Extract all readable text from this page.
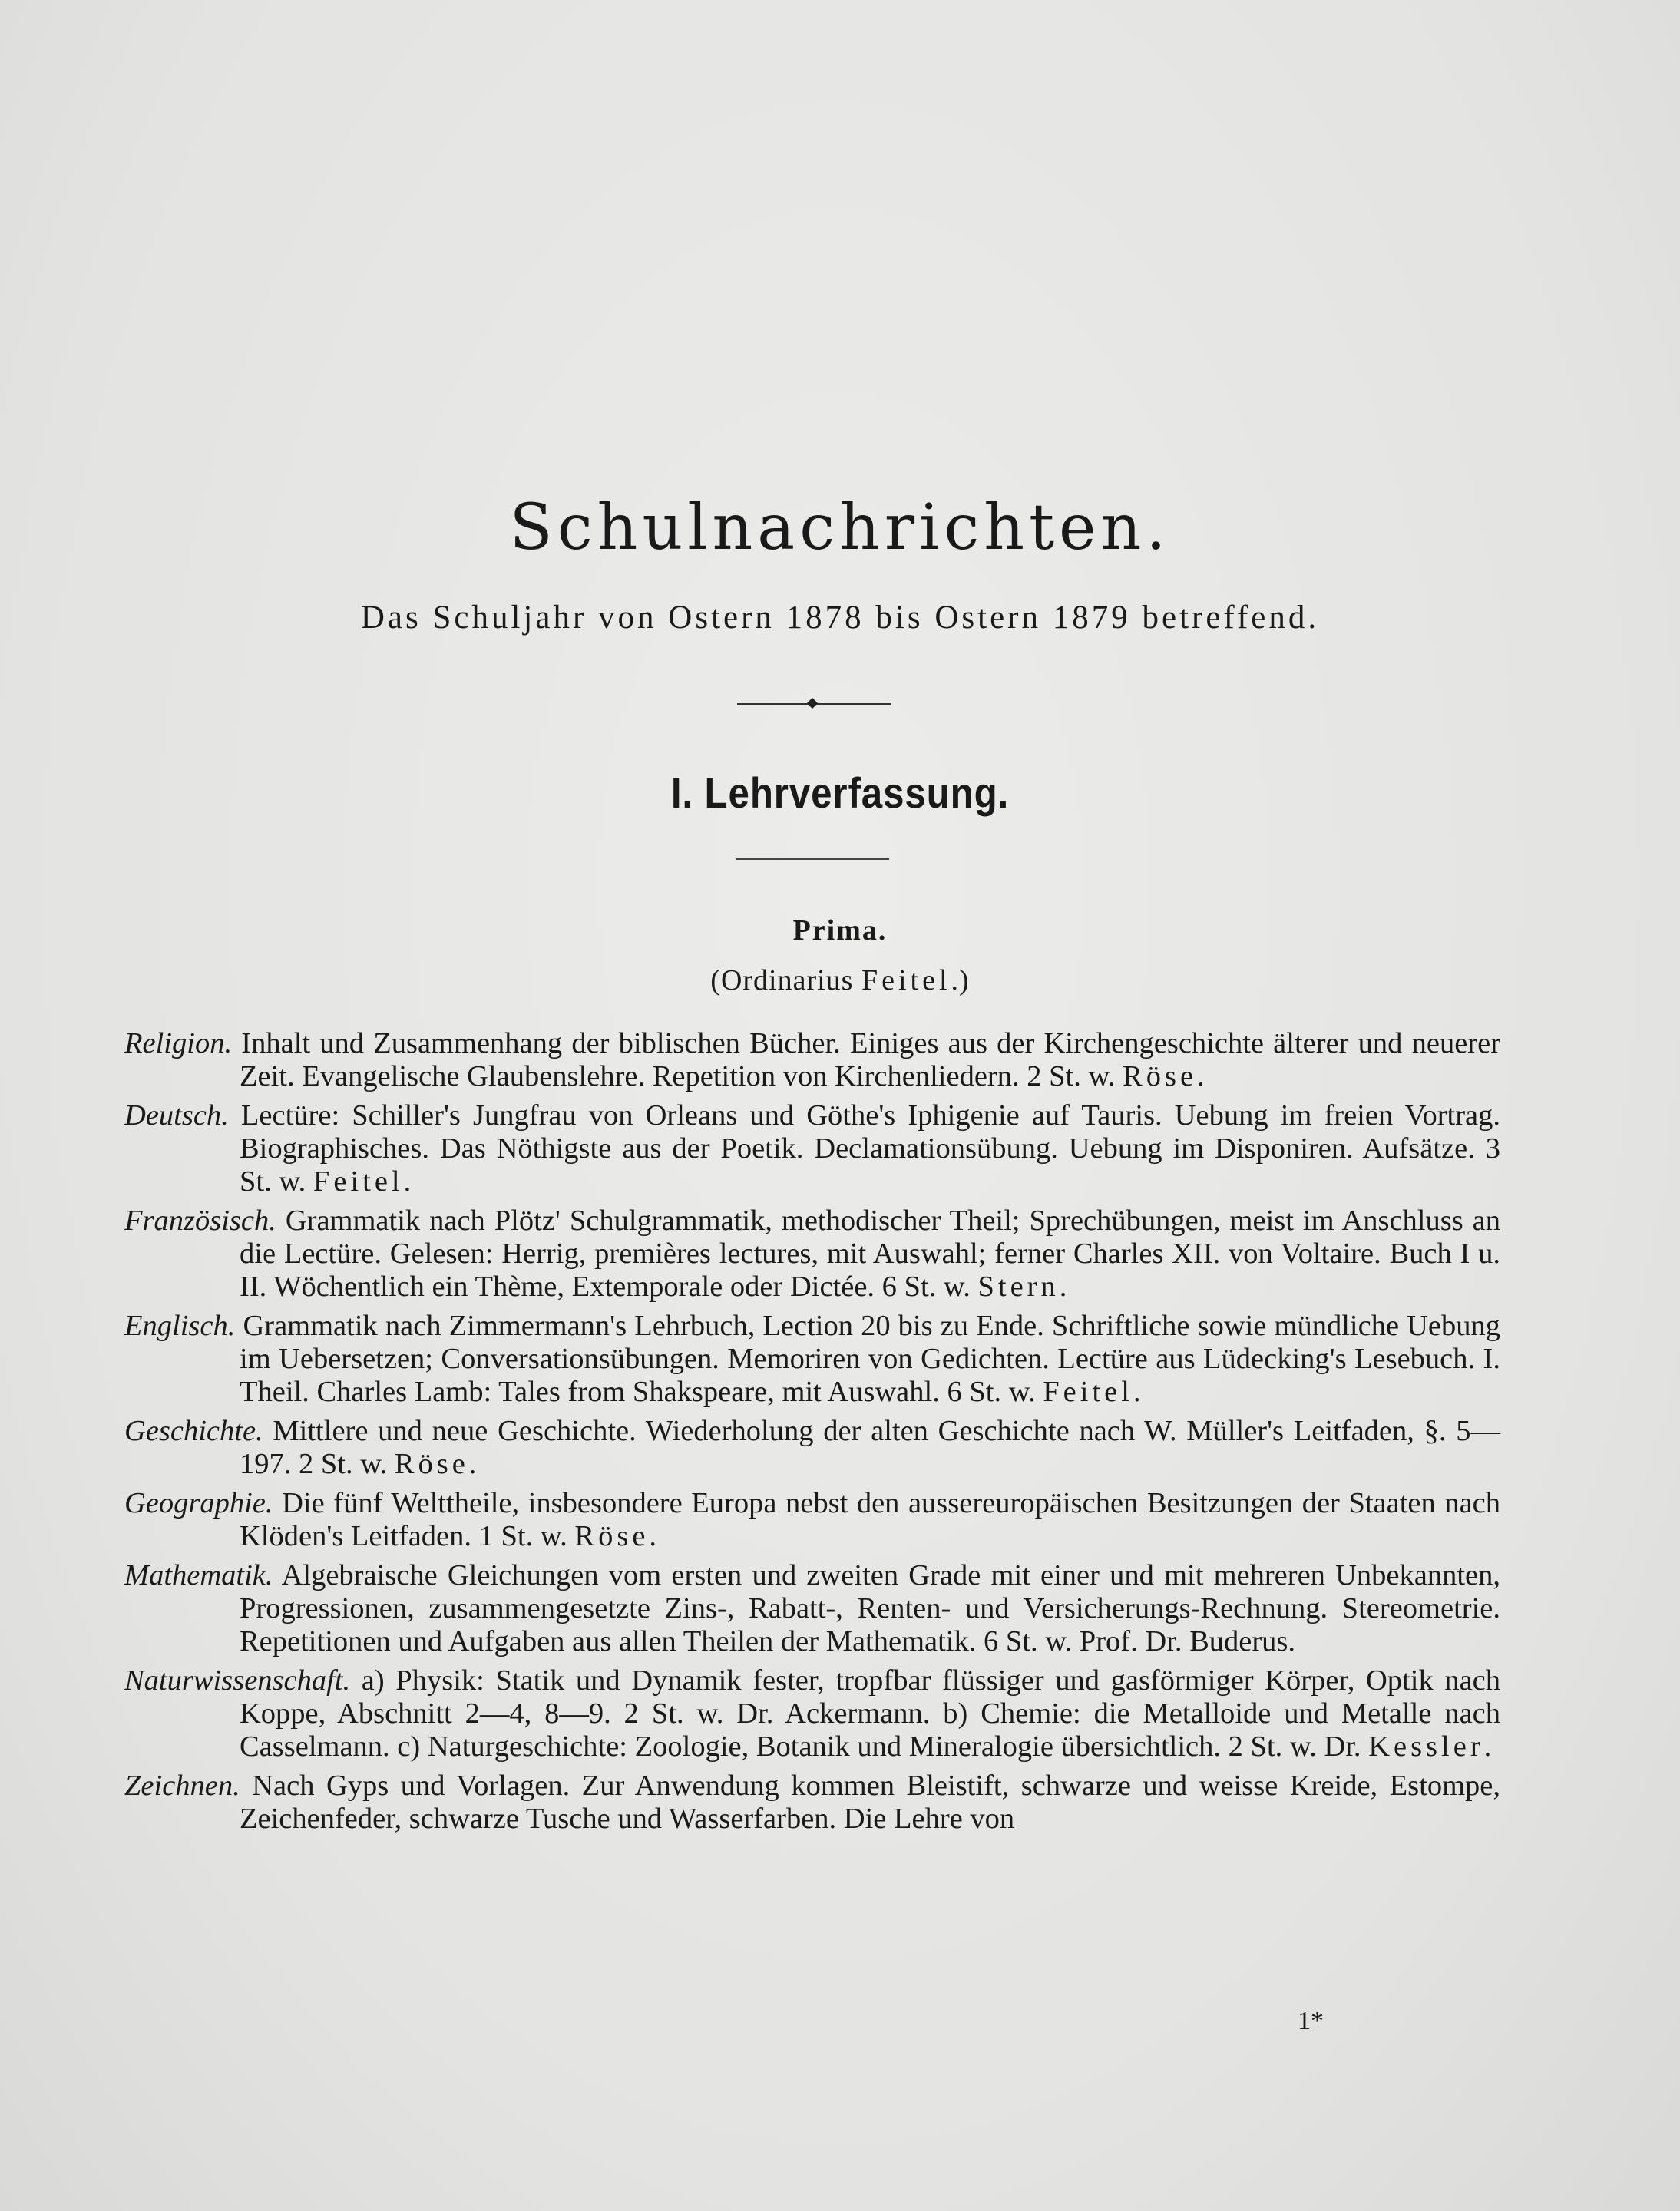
Schulnachrichten.
Das Schuljahr von Ostern 1878 bis Ostern 1879 betreffend.
I. Lehrverfassung.
Prima.
(Ordinarius Feitel.)
Religion. Inhalt und Zusammenhang der biblischen Bücher. Einiges aus der Kirchengeschichte älterer und neuerer Zeit. Evangelische Glaubenslehre. Repetition von Kirchenliedern. 2 St. w. Röse.
Deutsch. Lectüre: Schiller's Jungfrau von Orleans und Göthe's Iphigenie auf Tauris. Uebung im freien Vortrag. Biographisches. Das Nöthigste aus der Poetik. Declamationsübung. Uebung im Disponiren. Aufsätze. 3 St. w. Feitel.
Französisch. Grammatik nach Plötz' Schulgrammatik, methodischer Theil; Sprechübungen, meist im Anschluss an die Lectüre. Gelesen: Herrig, premières lectures, mit Auswahl; ferner Charles XII. von Voltaire. Buch I u. II. Wöchentlich ein Thème, Extemporale oder Dictée. 6 St. w. Stern.
Englisch. Grammatik nach Zimmermann's Lehrbuch, Lection 20 bis zu Ende. Schriftliche sowie mündliche Uebung im Uebersetzen; Conversationsübungen. Memoriren von Gedichten. Lectüre aus Lüdecking's Lesebuch. I. Theil. Charles Lamb: Tales from Shakspeare, mit Auswahl. 6 St. w. Feitel.
Geschichte. Mittlere und neue Geschichte. Wiederholung der alten Geschichte nach W. Müller's Leitfaden, §. 5—197. 2 St. w. Röse.
Geographie. Die fünf Welttheile, insbesondere Europa nebst den aussereuropäischen Besitzungen der Staaten nach Klöden's Leitfaden. 1 St. w. Röse.
Mathematik. Algebraische Gleichungen vom ersten und zweiten Grade mit einer und mit mehreren Unbekannten, Progressionen, zusammengesetzte Zins-, Rabatt-, Renten- und Versicherungs-Rechnung. Stereometrie. Repetitionen und Aufgaben aus allen Theilen der Mathematik. 6 St. w. Prof. Dr. Buderus.
Naturwissenschaft. a) Physik: Statik und Dynamik fester, tropfbar flüssiger und gasförmiger Körper, Optik nach Koppe, Abschnitt 2—4, 8—9. 2 St. w. Dr. Ackermann. b) Chemie: die Metalloide und Metalle nach Casselmann. c) Naturgeschichte: Zoologie, Botanik und Mineralogie übersichtlich. 2 St. w. Dr. Kessler.
Zeichnen. Nach Gyps und Vorlagen. Zur Anwendung kommen Bleistift, schwarze und weisse Kreide, Estompe, Zeichenfeder, schwarze Tusche und Wasserfarben. Die Lehre von
1*
